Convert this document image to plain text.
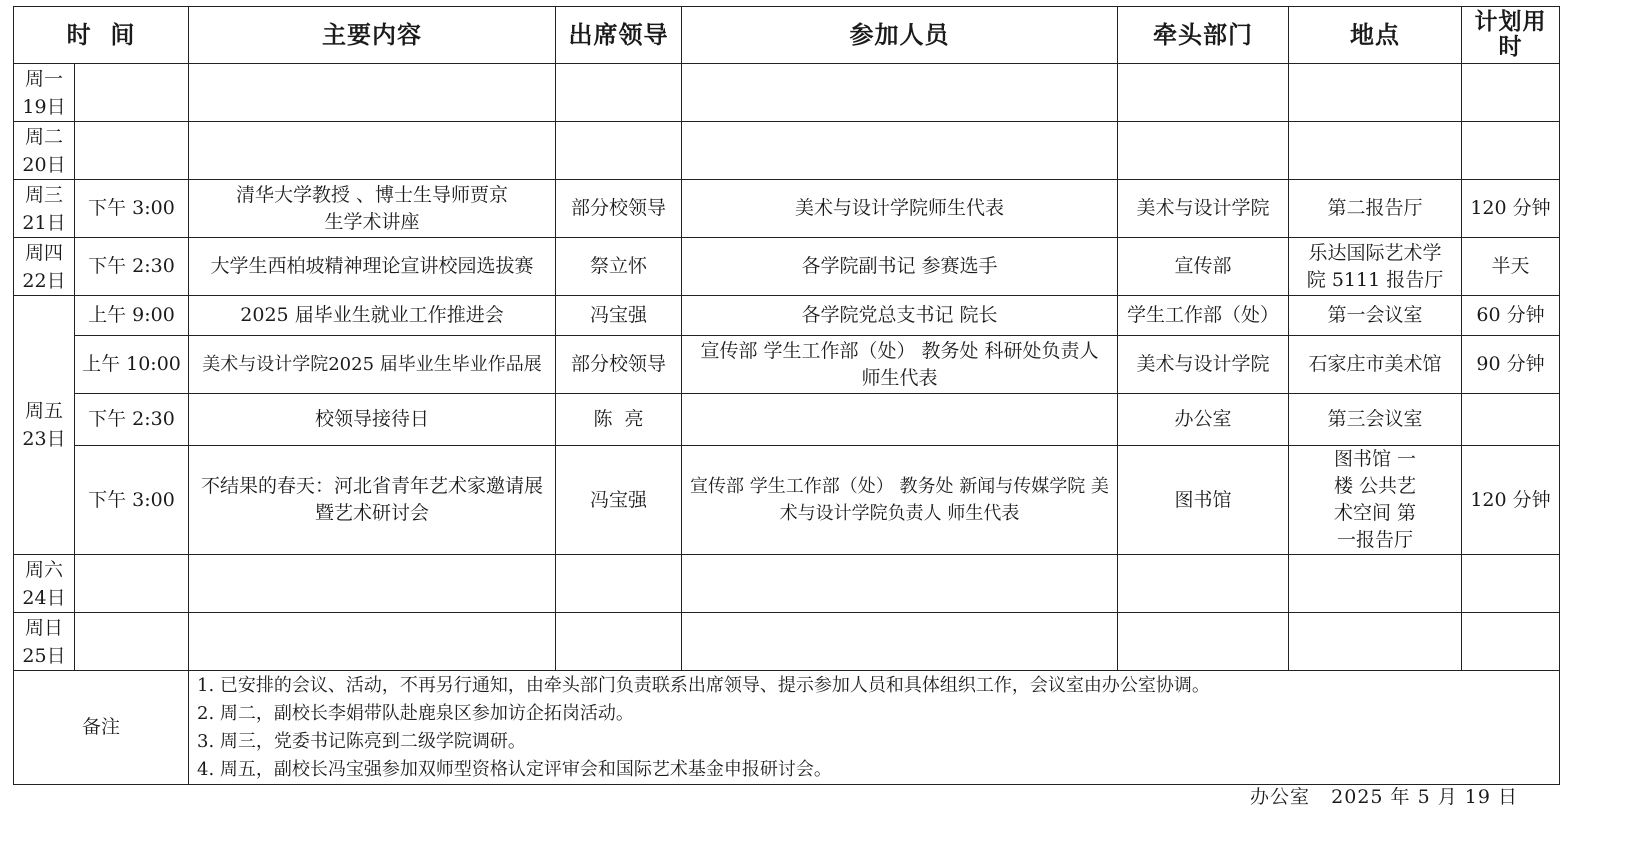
时  间		主要内容	出席领导	参加人员	牵头部门	地点	计划用时

周一
19日							

周二
20日							

周三
21日	下午 3:00	清华大学教授 、博士生导师贾京生学术讲座	部分校领导	美术与设计学院师生代表	美术与设计学院	第二报告厅	120 分钟

周四
22日	下午 2:30	大学生西柏坡精神理论宣讲校园选拔赛	祭立怀	各学院副书记 参赛选手	宣传部	乐达国际艺术学院 5111 报告厅	半天

周五
23日	上午 9:00	2025 届毕业生就业工作推进会	冯宝强	各学院党总支书记 院长	学生工作部（处）	第一会议室	60 分钟
	上午 10:00	美术与设计学院2025 届毕业生毕业作品展	部分校领导	宣传部 学生工作部（处） 教务处 科研处负责人 师生代表	美术与设计学院	石家庄市美术馆	90 分钟
	下午 2:30	校领导接待日	陈  亮		办公室	第三会议室	
	下午 3:00	不结果的春天：河北省青年艺术家邀请展暨艺术研讨会	冯宝强	宣传部 学生工作部（处） 教务处 新闻与传媒学院 美术与设计学院负责人 师生代表	图书馆	图书馆 一楼 公共艺术空间 第一报告厅	120 分钟

周六
24日							

周日
25日							

备注		1. 已安排的会议、活动，不再另行通知，由牵头部门负责联系出席领导、提示参加人员和具体组织工作，会议室由办公室协调。
2. 周二，副校长李娟带队赴鹿泉区参加访企拓岗活动。
3. 周三，党委书记陈亮到二级学院调研。
4. 周五，副校长冯宝强参加双师型资格认定评审会和国际艺术基金申报研讨会。					
办公室 2025 年 5 月 19 日
